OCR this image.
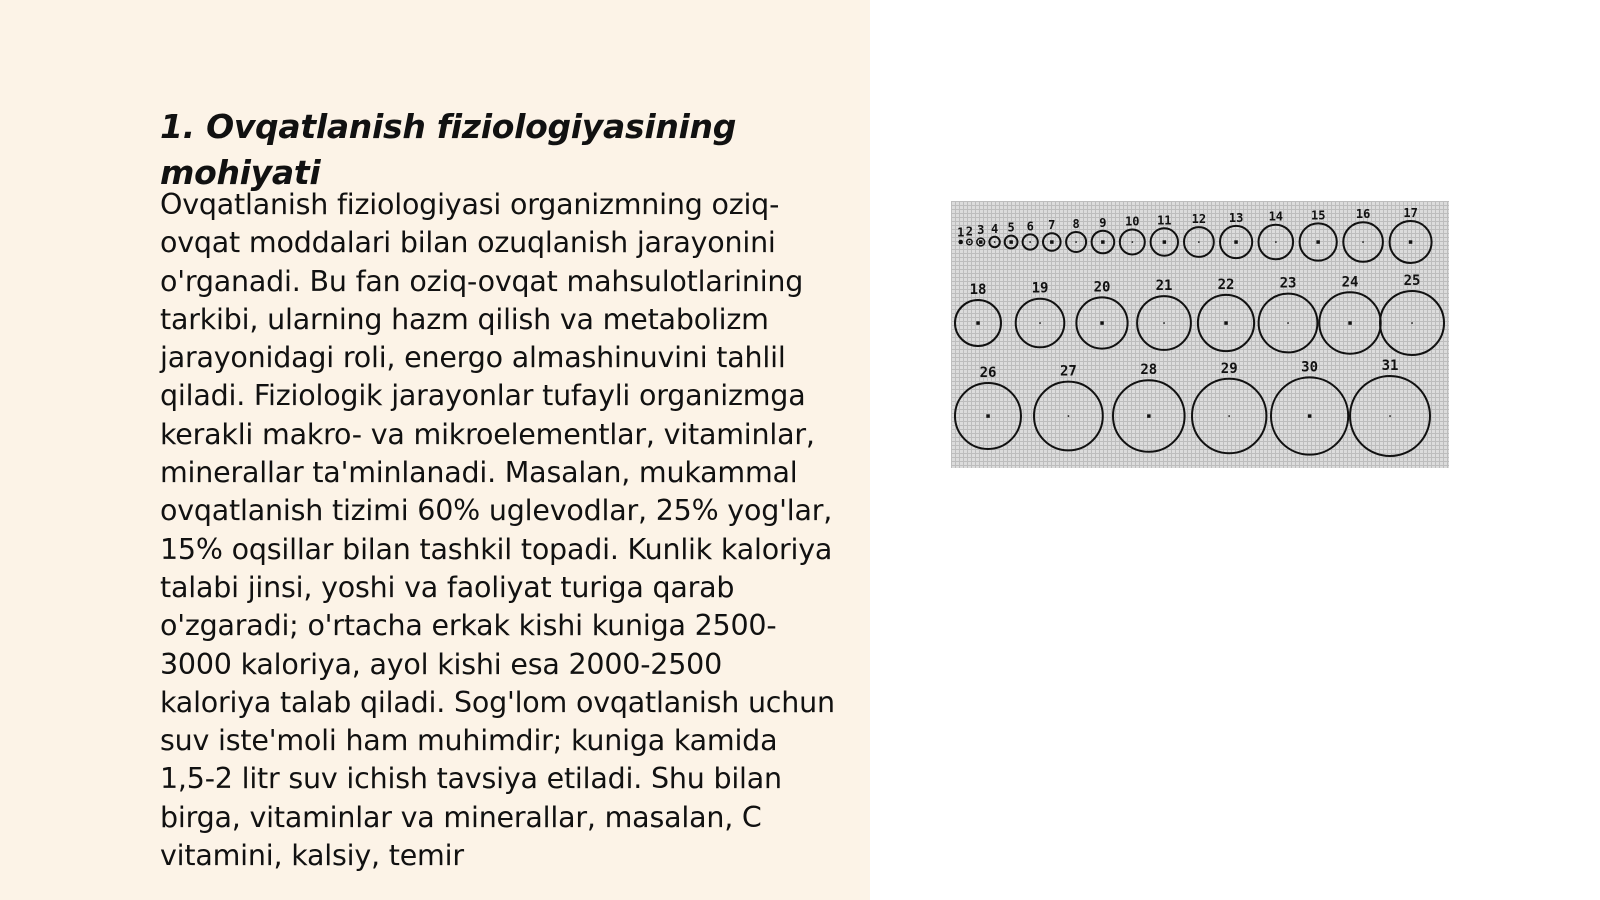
1. Ovqatlanish fiziologiyasining mohiyati

Ovqatlanish fiziologiyasi organizmning oziq-ovqat moddalari bilan ozuqlanish jarayonini o'rganadi. Bu fan oziq-ovqat mahsulotlarining tarkibi, ularning hazm qilish va metabolizm jarayonidagi roli, energo almashinuvini tahlil qiladi. Fiziologik jarayonlar tufayli organizmga kerakli makro- va mikroelementlar, vitaminlar, minerallar ta'minlanadi. Masalan, mukammal ovqatlanish tizimi 60% uglevodlar, 25% yog'lar, 15% oqsillar bilan tashkil topadi. Kunlik kaloriya talabi jinsi, yoshi va faoliyat turiga qarab o'zgaradi; o'rtacha erkak kishi kuniga 2500-3000 kaloriya, ayol kishi esa 2000-2500 kaloriya talab qiladi. Sog'lom ovqatlanish uchun suv iste'moli ham muhimdir; kuniga kamida 1,5-2 litr suv ichish tavsiya etiladi. Shu bilan birga, vitaminlar va minerallar, masalan, C vitamini, kalsiy, temir

1 2 3 4 5 6 7 8 9 10 11 12 13 14 15	16	17
18	19	20	21	22	23	24	25
26	27	28	29	30	31
